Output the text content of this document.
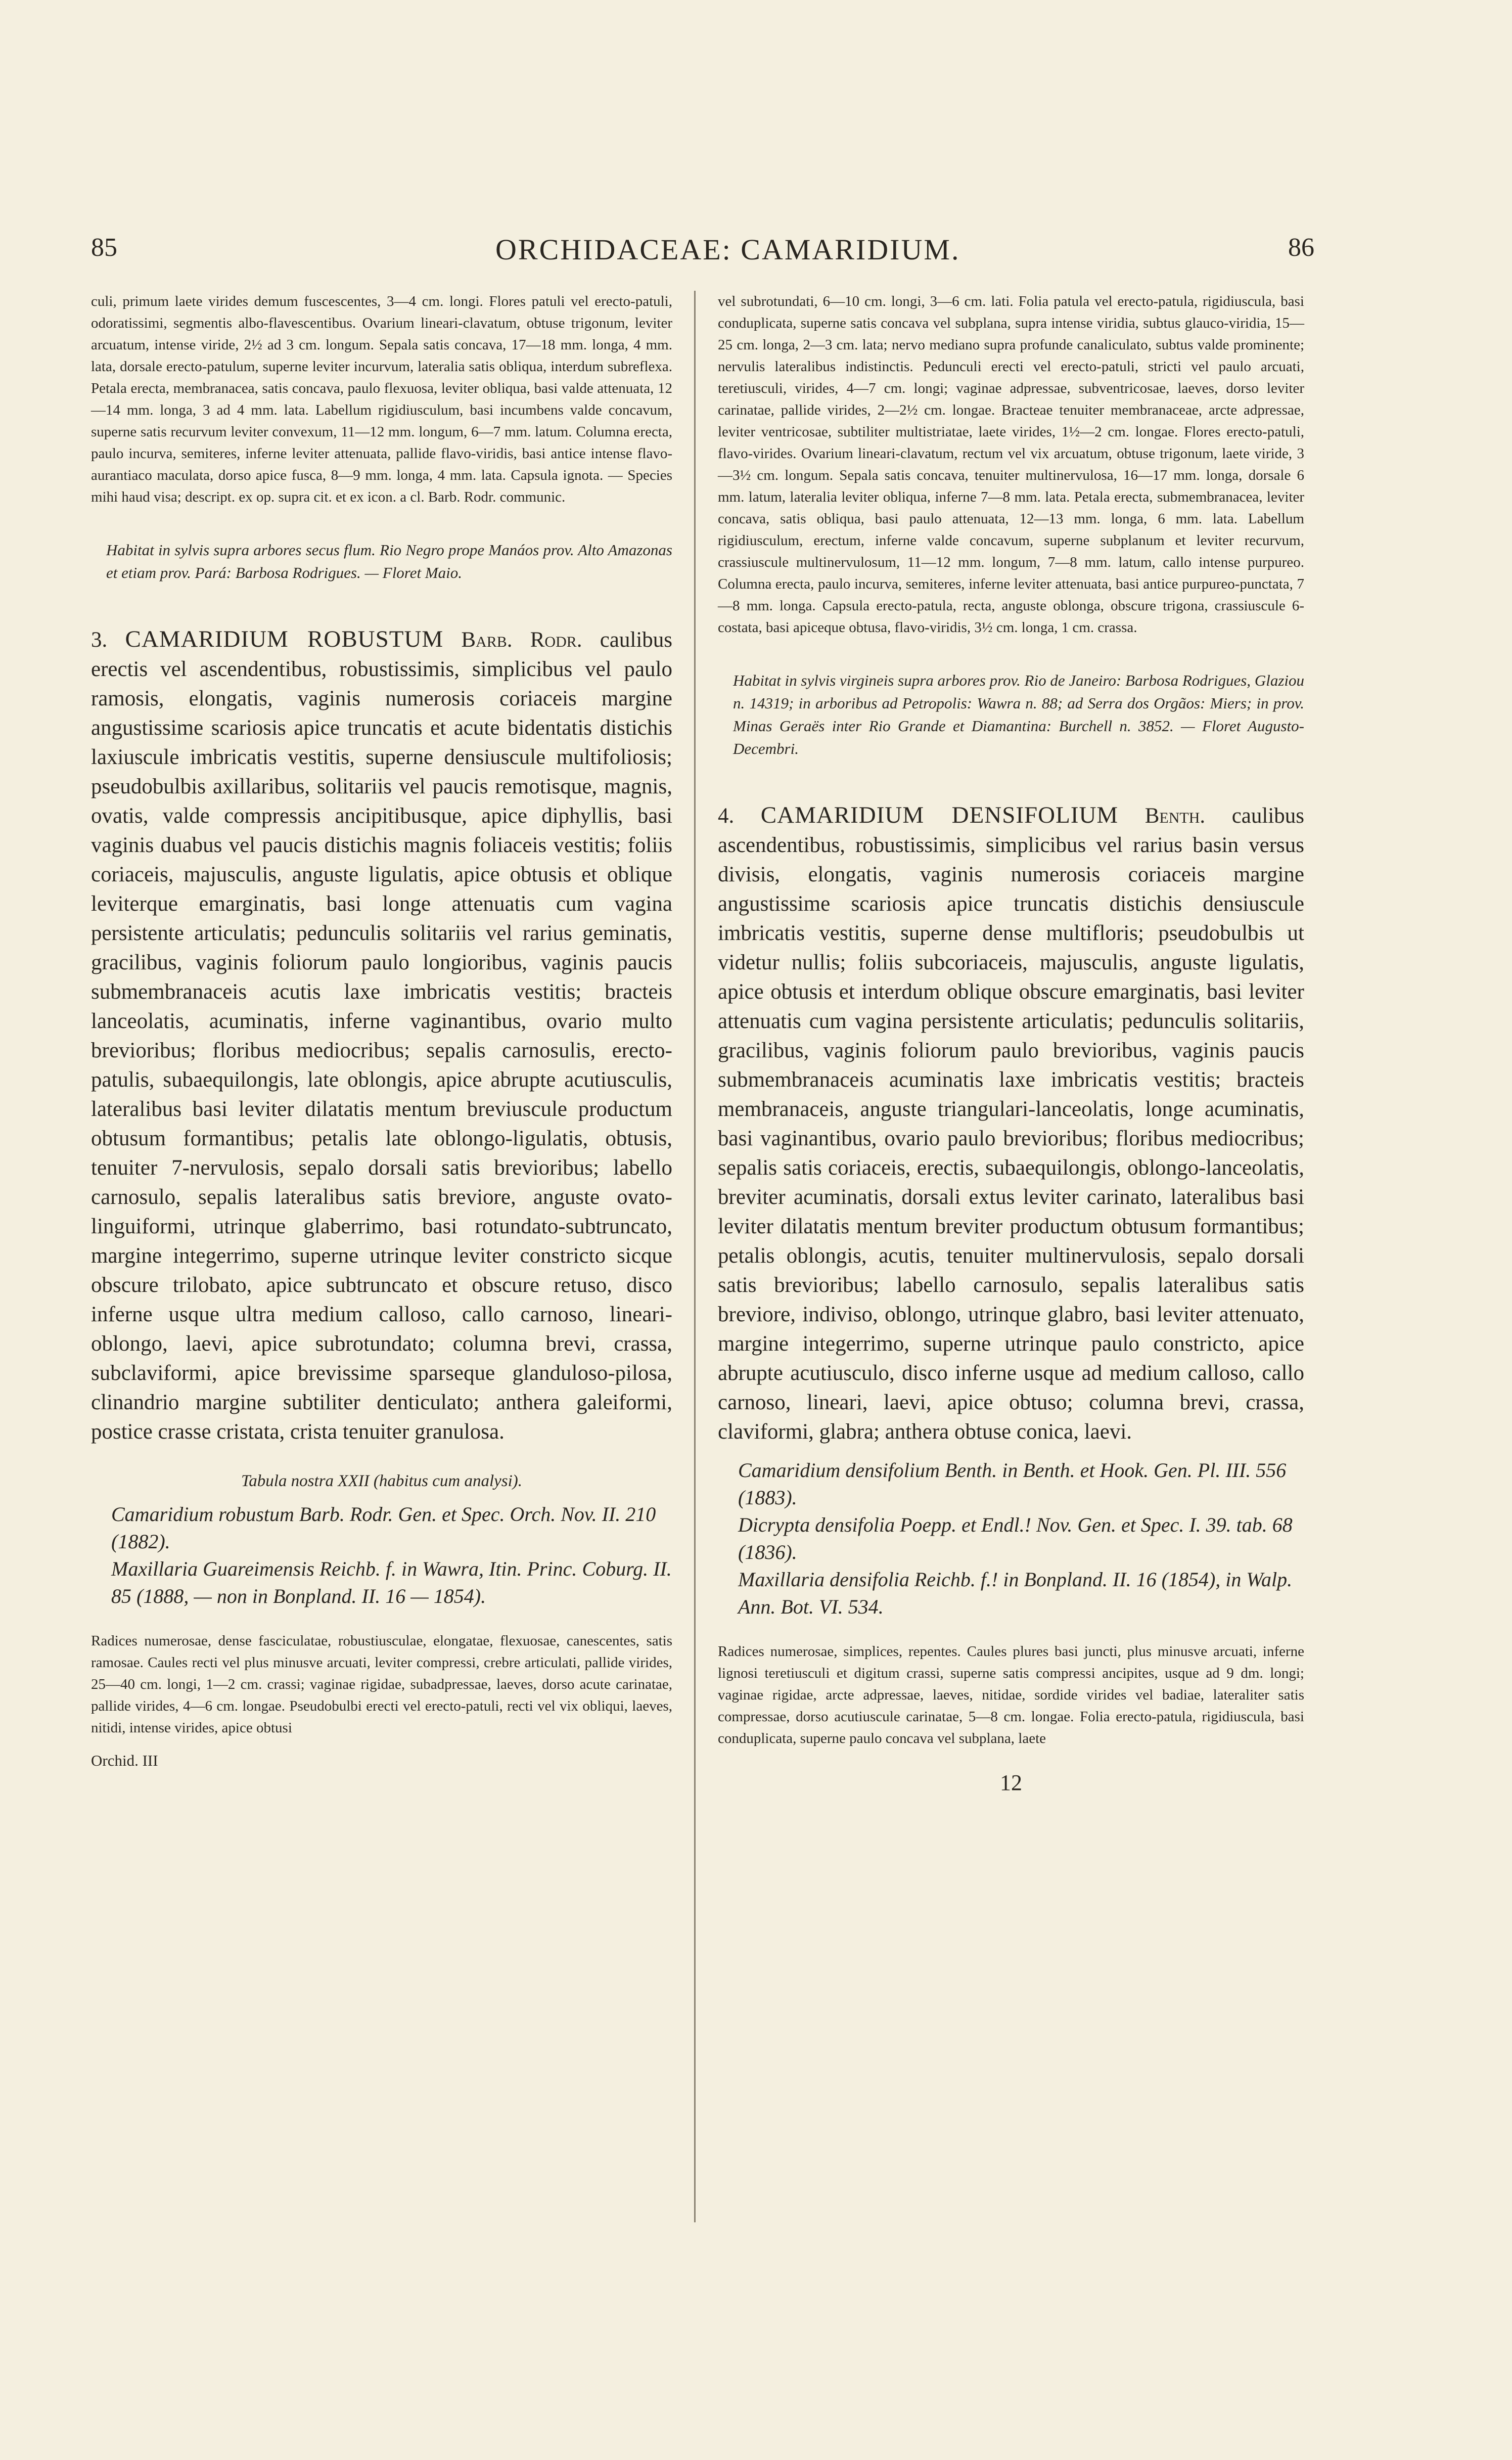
85	ORCHIDACEAE: CAMARIDIUM.	86

culi, primum laete virides demum fuscescentes, 3—4 cm. longi. Flores patuli vel erecto-patuli, odoratissimi, segmentis albo-flavescentibus. Ovarium lineari-clavatum, obtuse trigonum, leviter arcuatum, intense viride, 2½ ad 3 cm. longum. Sepala satis concava, 17—18 mm. longa, 4 mm. lata, dorsale erecto-patulum, superne leviter incurvum, lateralia satis obliqua, interdum subreflexa. Petala erecta, membranacea, satis concava, paulo flexuosa, leviter obliqua, basi valde attenuata, 12—14 mm. longa, 3 ad 4 mm. lata. Labellum rigidiusculum, basi incumbens valde concavum, superne satis recurvum leviter convexum, 11—12 mm. longum, 6—7 mm. latum. Columna erecta, paulo incurva, semiteres, inferne leviter attenuata, pallide flavo-viridis, basi antice intense flavo-aurantiaco maculata, dorso apice fusca, 8—9 mm. longa, 4 mm. lata. Capsula ignota. — Species mihi haud visa; descript. ex op. supra cit. et ex icon. a cl. Barb. Rodr. communic.

Habitat in sylvis supra arbores secus flum. Rio Negro prope Manáos prov. Alto Amazonas et etiam prov. Pará: Barbosa Rodrigues. — Floret Maio.

3. CAMARIDIUM ROBUSTUM Barb. Rodr. caulibus erectis vel ascendentibus, robustissimis, simplicibus vel paulo ramosis, elongatis, vaginis numerosis coriaceis margine angustissime scariosis apice truncatis et acute bidentatis distichis laxiuscule imbricatis vestitis, superne densiuscule multifoliosis; pseudobulbis axillaribus, solitariis vel paucis remotisque, magnis, ovatis, valde compressis ancipitibusque, apice diphyllis, basi vaginis duabus vel paucis distichis magnis foliaceis vestitis; foliis coriaceis, majusculis, anguste ligulatis, apice obtusis et oblique leviterque emarginatis, basi longe attenuatis cum vagina persistente articulatis; pedunculis solitariis vel rarius geminatis, gracilibus, vaginis foliorum paulo longioribus, vaginis paucis submembranaceis acutis laxe imbricatis vestitis; bracteis lanceolatis, acuminatis, inferne vaginantibus, ovario multo brevioribus; floribus mediocribus; sepalis carnosulis, erecto-patulis, subaequilongis, late oblongis, apice abrupte acutiusculis, lateralibus basi leviter dilatatis mentum breviuscule productum obtusum formantibus; petalis late oblongo-ligulatis, obtusis, tenuiter 7-nervulosis, sepalo dorsali satis brevioribus; labello carnosulo, sepalis lateralibus satis breviore, anguste ovato-linguiformi, utrinque glaberrimo, basi rotundato-subtruncato, margine integerrimo, superne utrinque leviter constricto sicque obscure trilobato, apice subtruncato et obscure retuso, disco inferne usque ultra medium calloso, callo carnoso, lineari-oblongo, laevi, apice subrotundato; columna brevi, crassa, subclaviformi, apice brevissime sparseque glanduloso-pilosa, clinandrio margine subtiliter denticulato; anthera galeiformi, postice crasse cristata, crista tenuiter granulosa.

Tabula nostra XXII (habitus cum analysi).

Camaridium robustum Barb. Rodr. Gen. et Spec. Orch. Nov. II. 210 (1882).
Maxillaria Guareimensis Reichb. f. in Wawra, Itin. Princ. Coburg. II. 85 (1888, — non in Bonpland. II. 16 — 1854).

Radices numerosae, dense fasciculatae, robustiusculae, elongatae, flexuosae, canescentes, satis ramosae. Caules recti vel plus minusve arcuati, leviter compressi, crebre articulati, pallide virides, 25—40 cm. longi, 1—2 cm. crassi; vaginae rigidae, subadpressae, laeves, dorso acute carinatae, pallide virides, 4—6 cm. longae. Pseudobulbi erecti vel erecto-patuli, recti vel vix obliqui, laeves, nitidi, intense virides, apice obtusi

Orchid. III

vel subrotundati, 6—10 cm. longi, 3—6 cm. lati. Folia patula vel erecto-patula, rigidiuscula, basi conduplicata, superne satis concava vel subplana, supra intense viridia, subtus glauco-viridia, 15—25 cm. longa, 2—3 cm. lata; nervo mediano supra profunde canaliculato, subtus valde prominente; nervulis lateralibus indistinctis. Pedunculi erecti vel erecto-patuli, stricti vel paulo arcuati, teretiusculi, virides, 4—7 cm. longi; vaginae adpressae, subventricosae, laeves, dorso leviter carinatae, pallide virides, 2—2½ cm. longae. Bracteae tenuiter membranaceae, arcte adpressae, leviter ventricosae, subtiliter multistriatae, laete virides, 1½—2 cm. longae. Flores erecto-patuli, flavo-virides. Ovarium lineari-clavatum, rectum vel vix arcuatum, obtuse trigonum, laete viride, 3—3½ cm. longum. Sepala satis concava, tenuiter multinervulosa, 16—17 mm. longa, dorsale 6 mm. latum, lateralia leviter obliqua, inferne 7—8 mm. lata. Petala erecta, submembranacea, leviter concava, satis obliqua, basi paulo attenuata, 12—13 mm. longa, 6 mm. lata. Labellum rigidiusculum, erectum, inferne valde concavum, superne subplanum et leviter recurvum, crassiuscule multinervulosum, 11—12 mm. longum, 7—8 mm. latum, callo intense purpureo. Columna erecta, paulo incurva, semiteres, inferne leviter attenuata, basi antice purpureo-punctata, 7—8 mm. longa. Capsula erecto-patula, recta, anguste oblonga, obscure trigona, crassiuscule 6-costata, basi apiceque obtusa, flavo-viridis, 3½ cm. longa, 1 cm. crassa.

Habitat in sylvis virgineis supra arbores prov. Rio de Janeiro: Barbosa Rodrigues, Glaziou n. 14319; in arboribus ad Petropolis: Wawra n. 88; ad Serra dos Orgãos: Miers; in prov. Minas Geraës inter Rio Grande et Diamantina: Burchell n. 3852. — Floret Augusto-Decembri.

4. CAMARIDIUM DENSIFOLIUM Benth. caulibus ascendentibus, robustissimis, simplicibus vel rarius basin versus divisis, elongatis, vaginis numerosis coriaceis margine angustissime scariosis apice truncatis distichis densiuscule imbricatis vestitis, superne dense multifloris; pseudobulbis ut videtur nullis; foliis subcoriaceis, majusculis, anguste ligulatis, apice obtusis et interdum oblique obscure emarginatis, basi leviter attenuatis cum vagina persistente articulatis; pedunculis solitariis, gracilibus, vaginis foliorum paulo brevioribus, vaginis paucis submembranaceis acuminatis laxe imbricatis vestitis; bracteis membranaceis, anguste triangulari-lanceolatis, longe acuminatis, basi vaginantibus, ovario paulo brevioribus; floribus mediocribus; sepalis satis coriaceis, erectis, subaequilongis, oblongo-lanceolatis, breviter acuminatis, dorsali extus leviter carinato, lateralibus basi leviter dilatatis mentum breviter productum obtusum formantibus; petalis oblongis, acutis, tenuiter multinervulosis, sepalo dorsali satis brevioribus; labello carnosulo, sepalis lateralibus satis breviore, indiviso, oblongo, utrinque glabro, basi leviter attenuato, margine integerrimo, superne utrinque paulo constricto, apice abrupte acutiusculo, disco inferne usque ad medium calloso, callo carnoso, lineari, laevi, apice obtuso; columna brevi, crassa, claviformi, glabra; anthera obtuse conica, laevi.

Camaridium densifolium Benth. in Benth. et Hook. Gen. Pl. III. 556 (1883).
Dicrypta densifolia Poepp. et Endl.! Nov. Gen. et Spec. I. 39. tab. 68 (1836).
Maxillaria densifolia Reichb. f.! in Bonpland. II. 16 (1854), in Walp. Ann. Bot. VI. 534.

Radices numerosae, simplices, repentes. Caules plures basi juncti, plus minusve arcuati, inferne lignosi teretiusculi et digitum crassi, superne satis compressi ancipites, usque ad 9 dm. longi; vaginae rigidae, arcte adpressae, laeves, nitidae, sordide virides vel badiae, lateraliter satis compressae, dorso acutiuscule carinatae, 5—8 cm. longae. Folia erecto-patula, rigidiuscula, basi conduplicata, superne paulo concava vel subplana, laete

12
